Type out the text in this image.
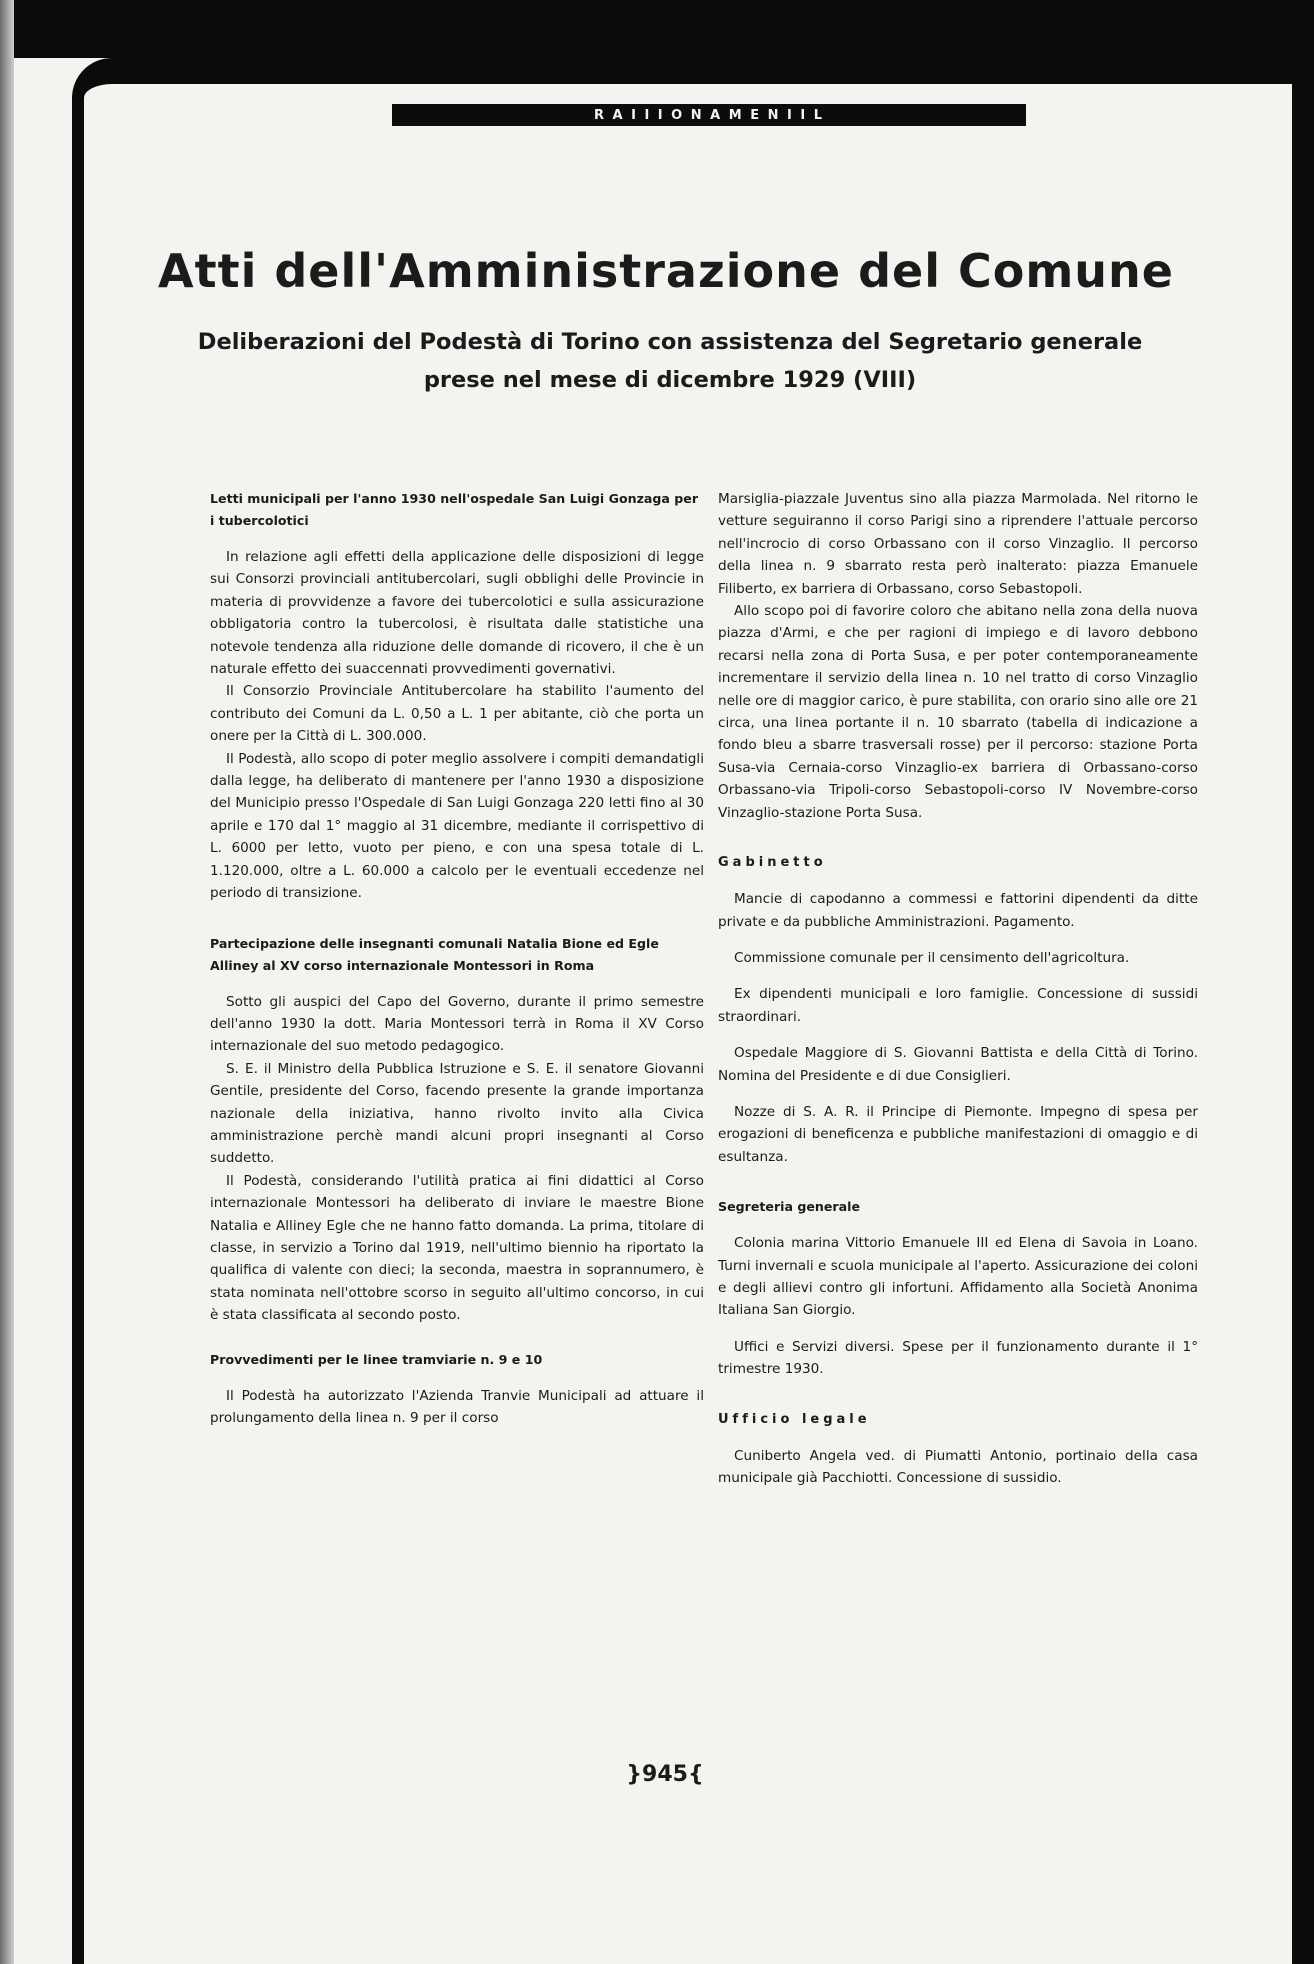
R A I I I O N A M E N I I L
Atti dell'Amministrazione del Comune
Deliberazioni del Podestà di Torino con assistenza del Segretario generale
prese nel mese di dicembre 1929 (VIII)
Letti municipali per l'anno 1930 nell'ospedale San Luigi Gonzaga per i tubercolotici

In relazione agli effetti della applicazione delle disposizioni di legge sui Consorzi provinciali antitubercolari, sugli obblighi delle Provincie in materia di provvidenze a favore dei tubercolotici e sulla assicurazione obbligatoria contro la tubercolosi, è risultata dalle statistiche una notevole tendenza alla riduzione delle domande di ricovero, il che è un naturale effetto dei suaccennati provvedimenti governativi.

Il Consorzio Provinciale Antitubercolare ha stabilito l'aumento del contributo dei Comuni da L. 0,50 a L. 1 per abitante, ciò che porta un onere per la Città di L. 300.000.

Il Podestà, allo scopo di poter meglio assolvere i compiti demandatigli dalla legge, ha deliberato di mantenere per l'anno 1930 a disposizione del Municipio presso l'Ospedale di San Luigi Gonzaga 220 letti fino al 30 aprile e 170 dal 1° maggio al 31 dicembre, mediante il corrispettivo di L. 6000 per letto, vuoto per pieno, e con una spesa totale di L. 1.120.000, oltre a L. 60.000 a calcolo per le eventuali eccedenze nel periodo di transizione.

Partecipazione delle insegnanti comunali Natalia Bione ed Egle Alliney al XV corso internazionale Montessori in Roma

Sotto gli auspici del Capo del Governo, durante il primo semestre dell'anno 1930 la dott. Maria Montessori terrà in Roma il XV Corso internazionale del suo metodo pedagogico.

S. E. il Ministro della Pubblica Istruzione e S. E. il senatore Giovanni Gentile, presidente del Corso, facendo presente la grande importanza nazionale della iniziativa, hanno rivolto invito alla Civica amministrazione perchè mandi alcuni propri insegnanti al Corso suddetto.

Il Podestà, considerando l'utilità pratica ai fini didattici al Corso internazionale Montessori ha deliberato di inviare le maestre Bione Natalia e Alliney Egle che ne hanno fatto domanda. La prima, titolare di classe, in servizio a Torino dal 1919, nell'ultimo biennio ha riportato la qualifica di valente con dieci; la seconda, maestra in soprannumero, è stata nominata nell'ottobre scorso in seguito all'ultimo concorso, in cui è stata classificata al secondo posto.

Provvedimenti per le linee tramviarie n. 9 e 10

Il Podestà ha autorizzato l'Azienda Tranvie Municipali ad attuare il prolungamento della linea n. 9 per il corso

Marsiglia-piazzale Juventus sino alla piazza Marmolada. Nel ritorno le vetture seguiranno il corso Parigi sino a riprendere l'attuale percorso nell'incrocio di corso Orbassano con il corso Vinzaglio. Il percorso della linea n. 9 sbarrato resta però inalterato: piazza Emanuele Filiberto, ex barriera di Orbassano, corso Sebastopoli.

Allo scopo poi di favorire coloro che abitano nella zona della nuova piazza d'Armi, e che per ragioni di impiego e di lavoro debbono recarsi nella zona di Porta Susa, e per poter contemporaneamente incrementare il servizio della linea n. 10 nel tratto di corso Vinzaglio nelle ore di maggior carico, è pure stabilita, con orario sino alle ore 21 circa, una linea portante il n. 10 sbarrato (tabella di indicazione a fondo bleu a sbarre trasversali rosse) per il percorso: stazione Porta Susa-via Cernaia-corso Vinzaglio-ex barriera di Orbassano-corso Orbassano-via Tripoli-corso Sebastopoli-corso IV Novembre-corso Vinzaglio-stazione Porta Susa.

Gabinetto

Mancie di capodanno a commessi e fattorini dipendenti da ditte private e da pubbliche Amministrazioni. Pagamento.

Commissione comunale per il censimento dell'agricoltura.

Ex dipendenti municipali e loro famiglie. Concessione di sussidi straordinari.

Ospedale Maggiore di S. Giovanni Battista e della Città di Torino. Nomina del Presidente e di due Consiglieri.

Nozze di S. A. R. il Principe di Piemonte. Impegno di spesa per erogazioni di beneficenza e pubbliche manifestazioni di omaggio e di esultanza.

Segreteria generale

Colonia marina Vittorio Emanuele III ed Elena di Savoia in Loano. Turni invernali e scuola municipale al l'aperto. Assicurazione dei coloni e degli allievi contro gli infortuni. Affidamento alla Società Anonima Italiana San Giorgio.

Uffici e Servizi diversi. Spese per il funzionamento durante il 1° trimestre 1930.

Ufficio legale

Cuniberto Angela ved. di Piumatti Antonio, portinaio della casa municipale già Pacchiotti. Concessione di sussidio.

}945{
